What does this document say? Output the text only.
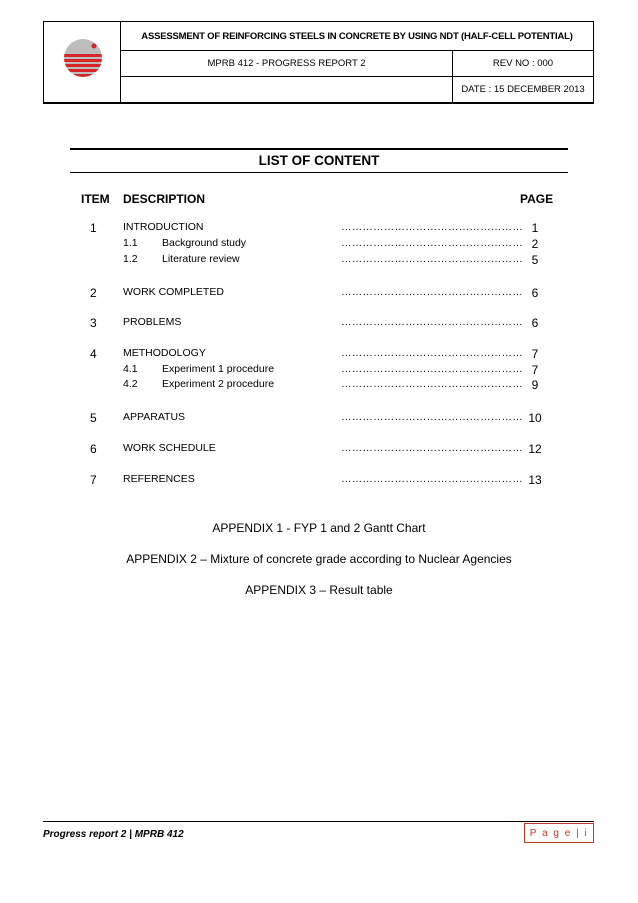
ASSESSMENT OF REINFORCING STEELS IN CONCRETE BY USING NDT (HALF-CELL POTENTIAL)
MPRB 412 - PROGRESS REPORT 2	REV NO : 000
DATE : 15 DECEMBER 2013
LIST OF CONTENT
ITEM DESCRIPTION	PAGE
1	INTRODUCTION	…………………………………………… 1
1.1 Background study	…………………………………………… 2
1.2 Literature review	…………………………………………… 5
2	WORK COMPLETED	…………………………………………… 6
3	PROBLEMS	…………………………………………… 6
4	METHODOLOGY	…………………………………………… 7
4.1 Experiment 1 procedure	…………………………………………… 7
4.2 Experiment 2 procedure	…………………………………………… 9
5	APPARATUS	…………………………………………… 10
6	WORK SCHEDULE	…………………………………………… 12
7	REFERENCES	…………………………………………… 13
APPENDIX 1 - FYP 1 and 2 Gantt Chart
APPENDIX 2 – Mixture of concrete grade according to Nuclear Agencies
APPENDIX 3 – Result table
Progress report 2 | MPRB 412	P a g e | i
